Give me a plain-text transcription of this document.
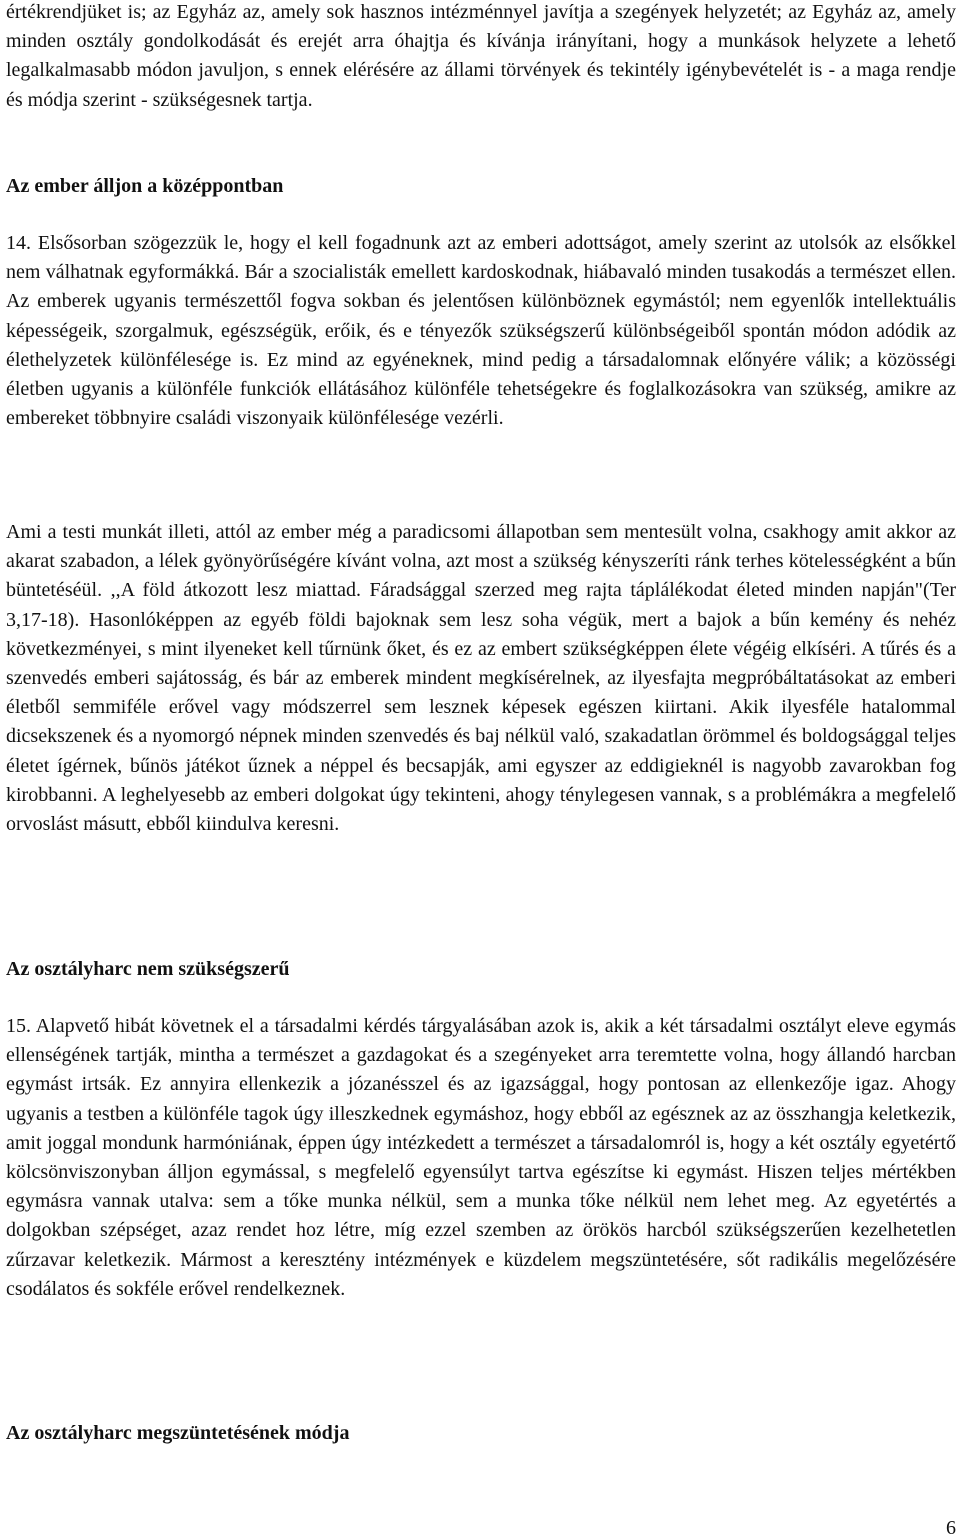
értékrendjüket is; az Egyház az, amely sok hasznos intézménnyel javítja a szegények helyzetét; az Egyház az, amely minden osztály gondolkodását és erejét arra óhajtja és kívánja irányítani, hogy a munkások helyzete a lehető legalkalmasabb módon javuljon, s ennek elérésére az állami törvények és tekintély igénybevételét is - a maga rendje és módja szerint - szükségesnek tartja.

Az ember álljon a középpontban

14. Elsősorban szögezzük le, hogy el kell fogadnunk azt az emberi adottságot, amely szerint az utolsók az elsőkkel nem válhatnak egyformákká. Bár a szocialisták emellett kardoskodnak, hiábavaló minden tusakodás a természet ellen. Az emberek ugyanis természettől fogva sokban és jelentősen különböznek egymástól; nem egyenlők intellektuális képességeik, szorgalmuk, egészségük, erőik, és e tényezők szükségszerű különbségeiből spontán módon adódik az élethelyzetek különfélesége is. Ez mind az egyéneknek, mind pedig a társadalomnak előnyére válik; a közösségi életben ugyanis a különféle funkciók ellátásához különféle tehetségekre és foglalkozásokra van szükség, amikre az embereket többnyire családi viszonyaik különfélesége vezérli.

Ami a testi munkát illeti, attól az ember még a paradicsomi állapotban sem mentesült volna, csakhogy amit akkor az akarat szabadon, a lélek gyönyörűségére kívánt volna, azt most a szükség kényszeríti ránk terhes kötelességként a bűn büntetéséül. ,,A föld átkozott lesz miattad. Fáradsággal szerzed meg rajta táplálékodat életed minden napján"(Ter 3,17-18). Hasonlóképpen az egyéb földi bajoknak sem lesz soha végük, mert a bajok a bűn kemény és nehéz következményei, s mint ilyeneket kell tűrnünk őket, és ez az embert szükségképpen élete végéig elkíséri. A tűrés és a szenvedés emberi sajátosság, és bár az emberek mindent megkísérelnek, az ilyesfajta megpróbáltatásokat az emberi életből semmiféle erővel vagy módszerrel sem lesznek képesek egészen kiirtani. Akik ilyesféle hatalommal dicsekszenek és a nyomorgó népnek minden szenvedés és baj nélkül való, szakadatlan örömmel és boldogsággal teljes életet ígérnek, bűnös játékot űznek a néppel és becsapják, ami egyszer az eddigieknél is nagyobb zavarokban fog kirobbanni. A leghelyesebb az emberi dolgokat úgy tekinteni, ahogy ténylegesen vannak, s a problémákra a megfelelő orvoslást másutt, ebből kiindulva keresni.

Az osztályharc nem szükségszerű

15. Alapvető hibát követnek el a társadalmi kérdés tárgyalásában azok is, akik a két társadalmi osztályt eleve egymás ellenségének tartják, mintha a természet a gazdagokat és a szegényeket arra teremtette volna, hogy állandó harcban egymást irtsák. Ez annyira ellenkezik a józanésszel és az igazsággal, hogy pontosan az ellenkezője igaz. Ahogy ugyanis a testben a különféle tagok úgy illeszkednek egymáshoz, hogy ebből az egésznek az az összhangja keletkezik, amit joggal mondunk harmóniának, éppen úgy intézkedett a természet a társadalomról is, hogy a két osztály egyetértő kölcsönviszonyban álljon egymással, s megfelelő egyensúlyt tartva egészítse ki egymást. Hiszen teljes mértékben egymásra vannak utalva: sem a tőke munka nélkül, sem a munka tőke nélkül nem lehet meg. Az egyetértés a dolgokban szépséget, azaz rendet hoz létre, míg ezzel szemben az örökös harcból szükségszerűen kezelhetetlen zűrzavar keletkezik. Mármost a keresztény intézmények e küzdelem megszüntetésére, sőt radikális megelőzésére csodálatos és sokféle erővel rendelkeznek.

Az osztályharc megszüntetésének módja
6
